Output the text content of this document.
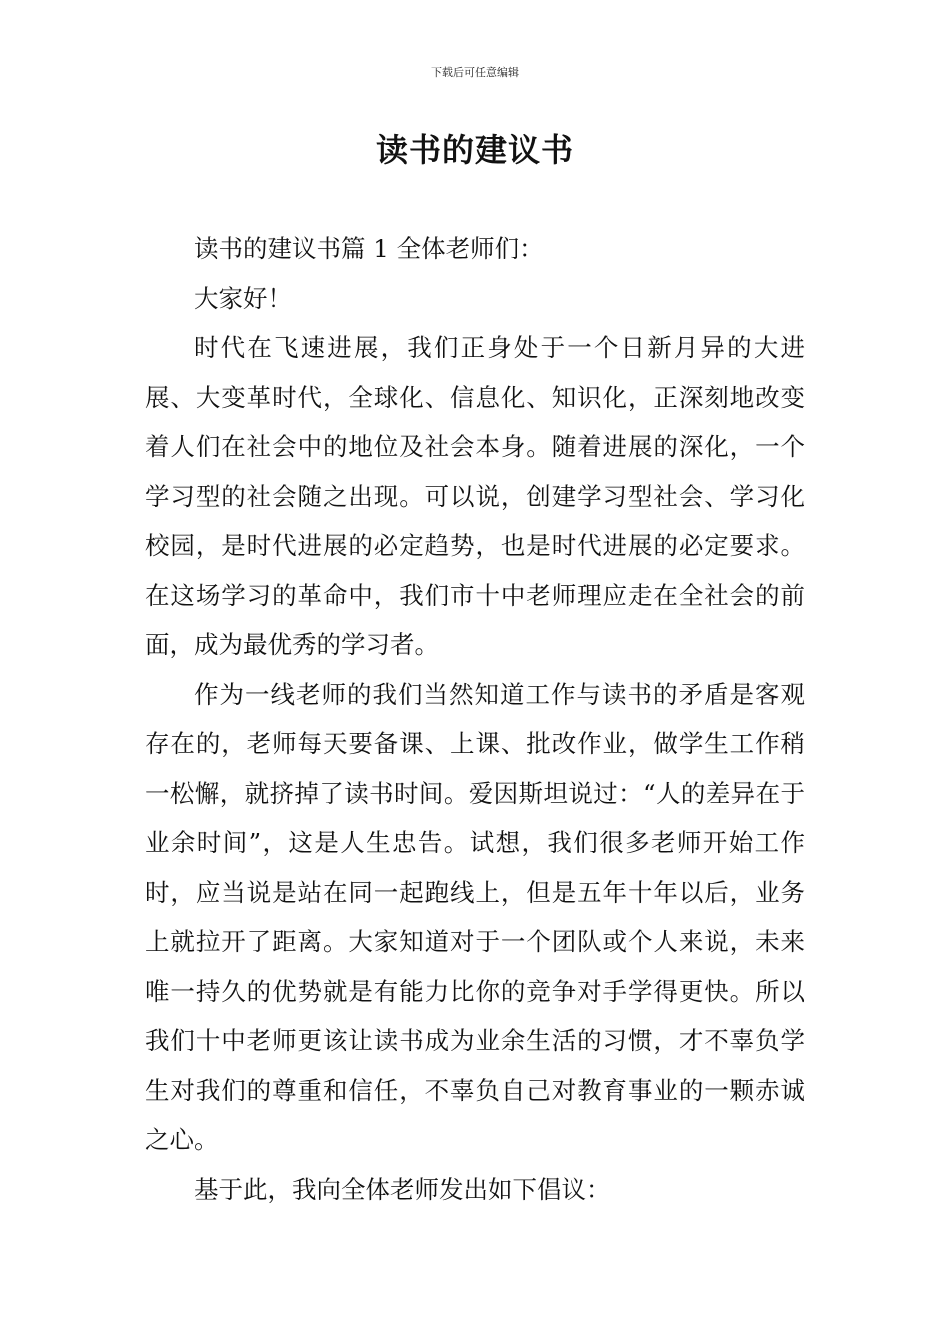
下载后可任意编辑
读书的建议书

读书的建议书篇 1 全体老师们：

大家好！

时代在飞速进展，我们正身处于一个日新月异的大进展、大变革时代，全球化、信息化、知识化，正深刻地改变着人们在社会中的地位及社会本身。随着进展的深化，一个学习型的社会随之出现。可以说，创建学习型社会、学习化校园，是时代进展的必定趋势，也是时代进展的必定要求。在这场学习的革命中，我们市十中老师理应走在全社会的前面，成为最优秀的学习者。

作为一线老师的我们当然知道工作与读书的矛盾是客观存在的，老师每天要备课、上课、批改作业，做学生工作稍一松懈，就挤掉了读书时间。爱因斯坦说过：“人的差异在于业余时间”，这是人生忠告。试想，我们很多老师开始工作时，应当说是站在同一起跑线上，但是五年十年以后，业务上就拉开了距离。大家知道对于一个团队或个人来说，未来唯一持久的优势就是有能力比你的竞争对手学得更快。所以我们十中老师更该让读书成为业余生活的习惯，才不辜负学生对我们的尊重和信任，不辜负自己对教育事业的一颗赤诚之心。

基于此，我向全体老师发出如下倡议：
